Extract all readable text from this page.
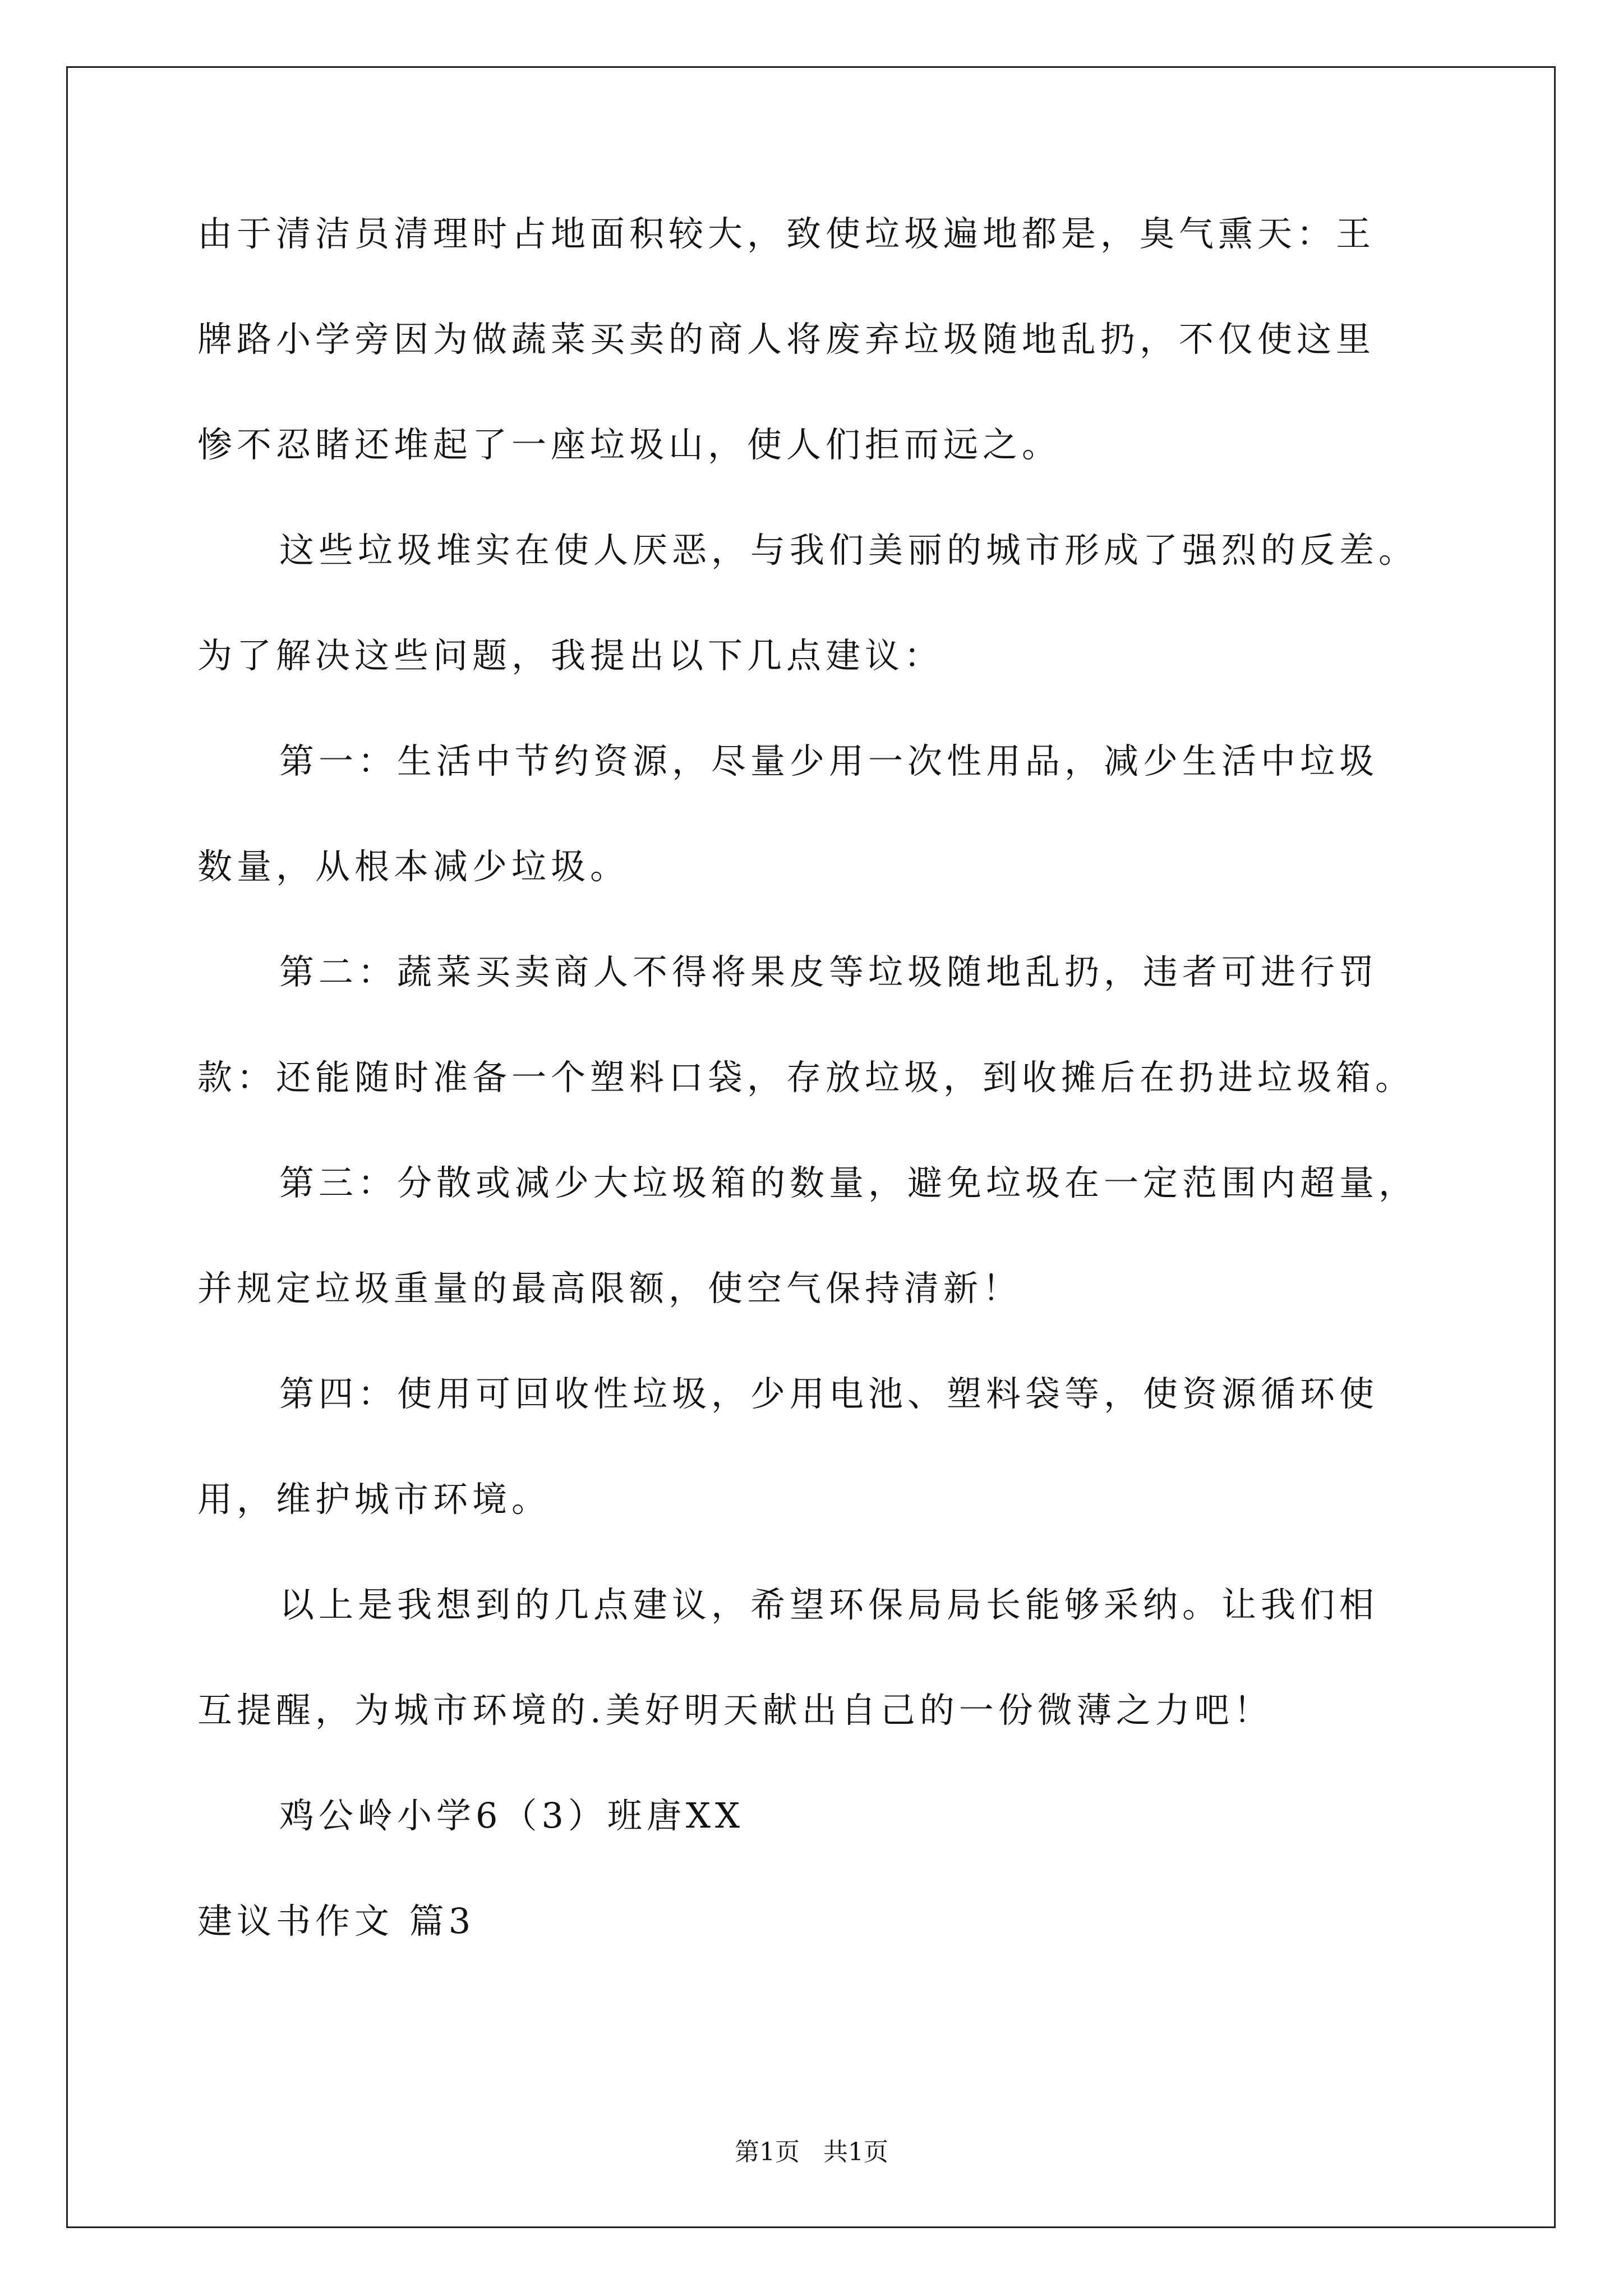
由于清洁员清理时占地面积较大，致使垃圾遍地都是，臭气熏天：王
牌路小学旁因为做蔬菜买卖的商人将废弃垃圾随地乱扔，不仅使这里
惨不忍睹还堆起了一座垃圾山，使人们拒而远之。
这些垃圾堆实在使人厌恶，与我们美丽的城市形成了强烈的反差。
为了解决这些问题，我提出以下几点建议：
第一：生活中节约资源，尽量少用一次性用品，减少生活中垃圾
数量，从根本减少垃圾。
第二：蔬菜买卖商人不得将果皮等垃圾随地乱扔，违者可进行罚
款：还能随时准备一个塑料口袋，存放垃圾，到收摊后在扔进垃圾箱。
第三：分散或减少大垃圾箱的数量，避免垃圾在一定范围内超量，
并规定垃圾重量的最高限额，使空气保持清新！
第四：使用可回收性垃圾，少用电池、塑料袋等，使资源循环使
用，维护城市环境。
以上是我想到的几点建议，希望环保局局长能够采纳。让我们相
互提醒，为城市环境的.美好明天献出自己的一份微薄之力吧！
鸡公岭小学6（3）班唐XX
建议书作文 篇3
第1页   共1页
